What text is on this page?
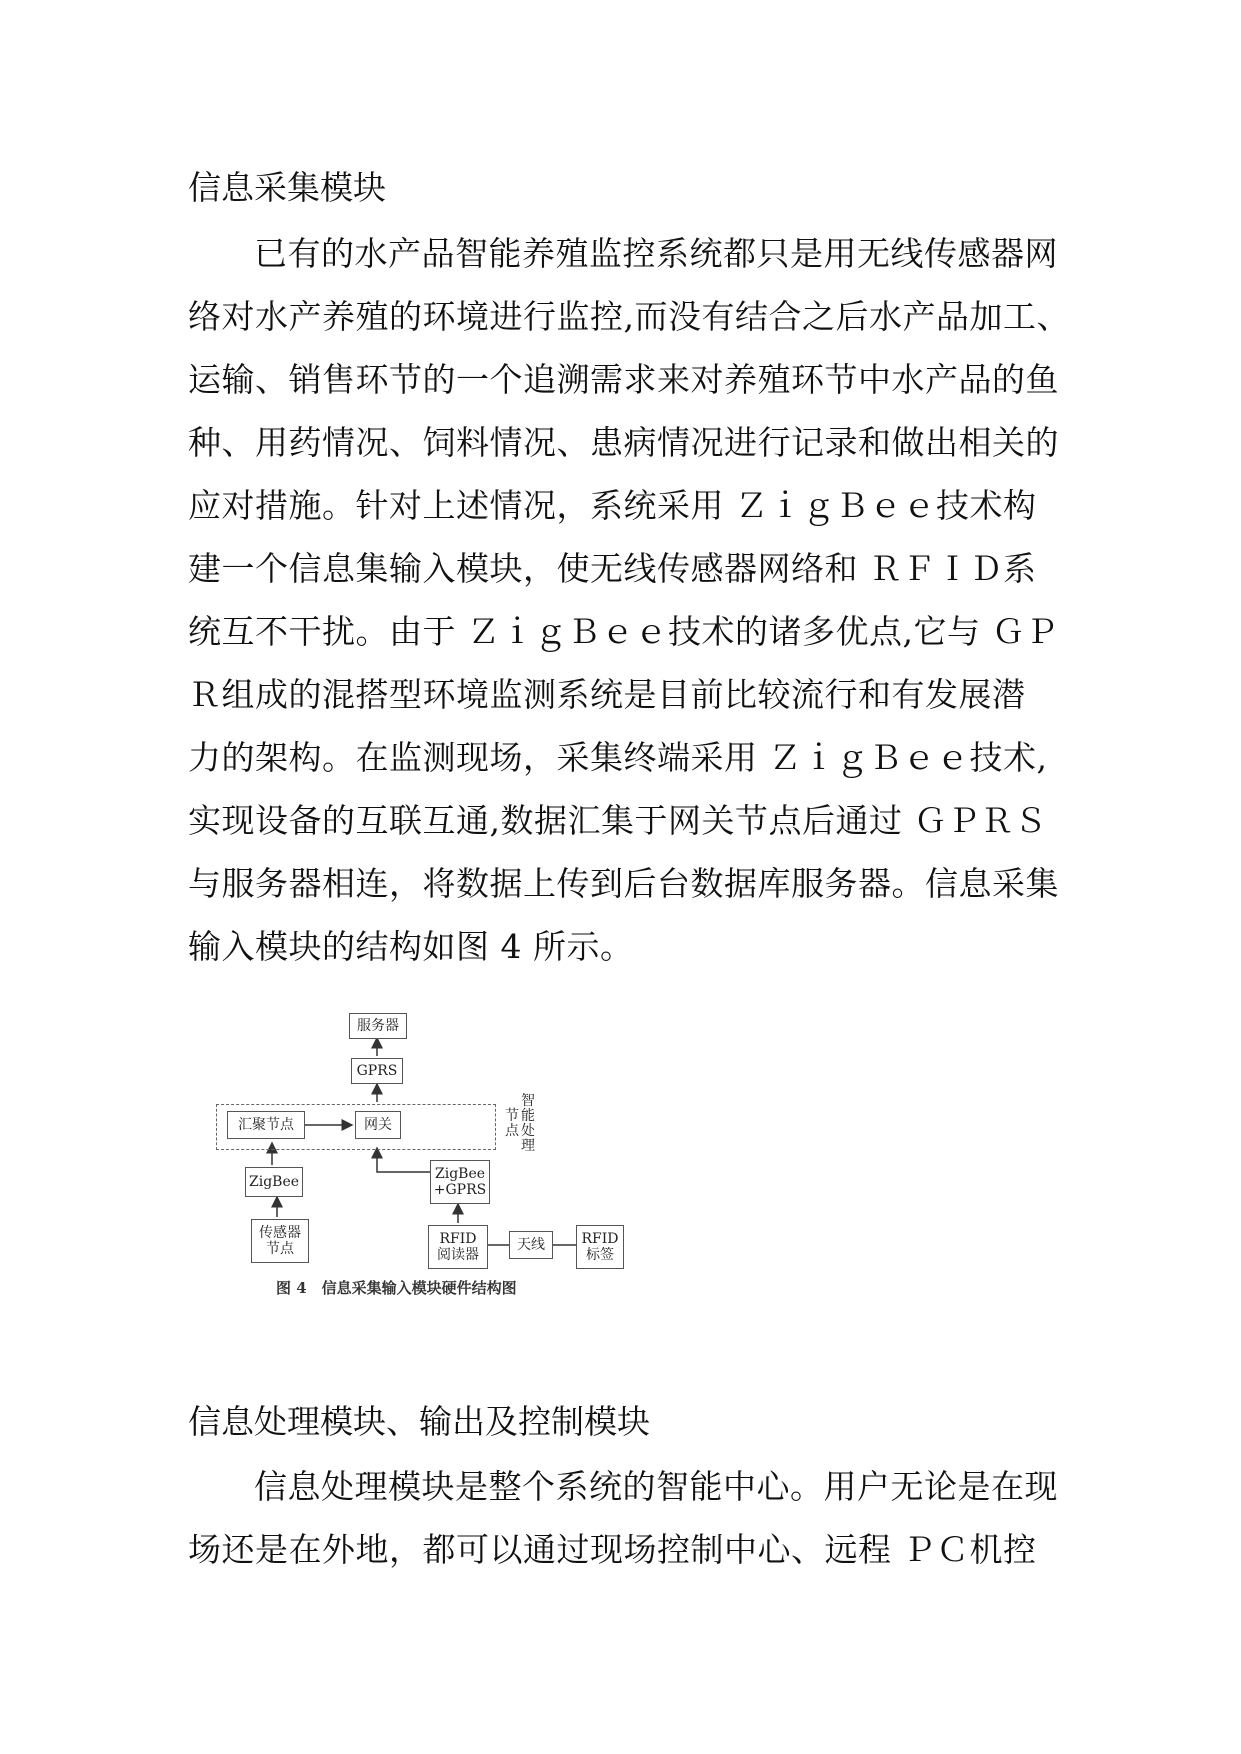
信息采集模块
已有的水产品智能养殖监控系统都只是用无线传感器网
络对水产养殖的环境进行监控,而没有结合之后水产品加工、
运输、销售环节的一个追溯需求来对养殖环节中水产品的鱼
种、用药情况、饲料情况、患病情况进行记录和做出相关的
应对措施。针对上述情况，系统采用 ＺｉｇＢｅｅ技术构
建一个信息集输入模块，使无线传感器网络和 ＲＦＩＤ系
统互不干扰。由于 ＺｉｇＢｅｅ技术的诸多优点,它与 ＧＰ
Ｒ组成的混搭型环境监测系统是目前比较流行和有发展潜
力的架构。在监测现场，采集终端采用 ＺｉｇＢｅｅ技术,
实现设备的互联互通,数据汇集于网关节点后通过 ＧＰＲＳ
与服务器相连，将数据上传到后台数据库服务器。信息采集
输入模块的结构如图 4 所示。
服务器
GPRS
汇聚节点	网关
ZigBee	ZigBee
+GPRS
传感器
节点
RFID
阅读器
天线	RFID
标签
节
点
智
能
处
理
图 4　信息采集输入模块硬件结构图
信息处理模块、输出及控制模块
信息处理模块是整个系统的智能中心。用户无论是在现
场还是在外地，都可以通过现场控制中心、远程 ＰＣ机控
